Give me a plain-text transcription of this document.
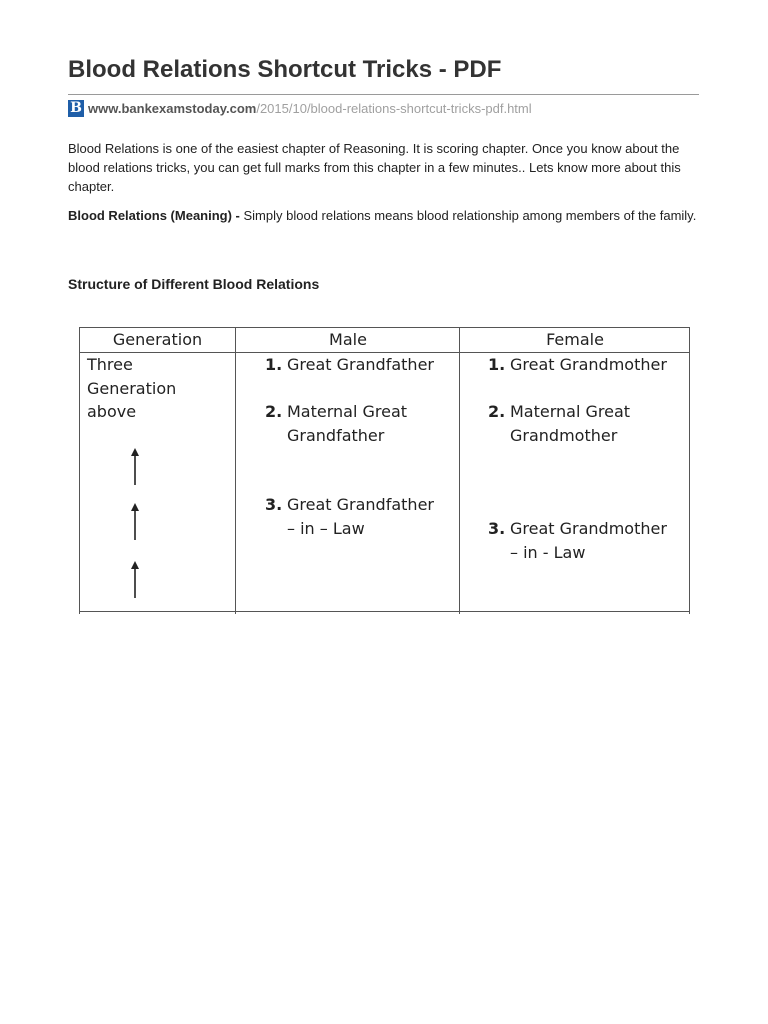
Blood Relations Shortcut Tricks - PDF
B www.bankexamstoday.com /2015/10/blood-relations-shortcut-tricks-pdf.html

Blood Relations is one of the easiest chapter of Reasoning. It is scoring chapter. Once you know about the blood relations tricks, you can get full marks from this chapter in a few minutes.. Lets know more about this chapter.

Blood Relations (Meaning) - Simply blood relations means blood relationship among members of the family.

Structure of Different Blood Relations
Generation	Male	Female
Three
Generation
above
1. Great Grandfather
2. Maternal Great
Grandfather
3. Great Grandfather
– in – Law
1. Great Grandmother
2. Maternal Great
Grandmother
3. Great Grandmother
– in - Law
